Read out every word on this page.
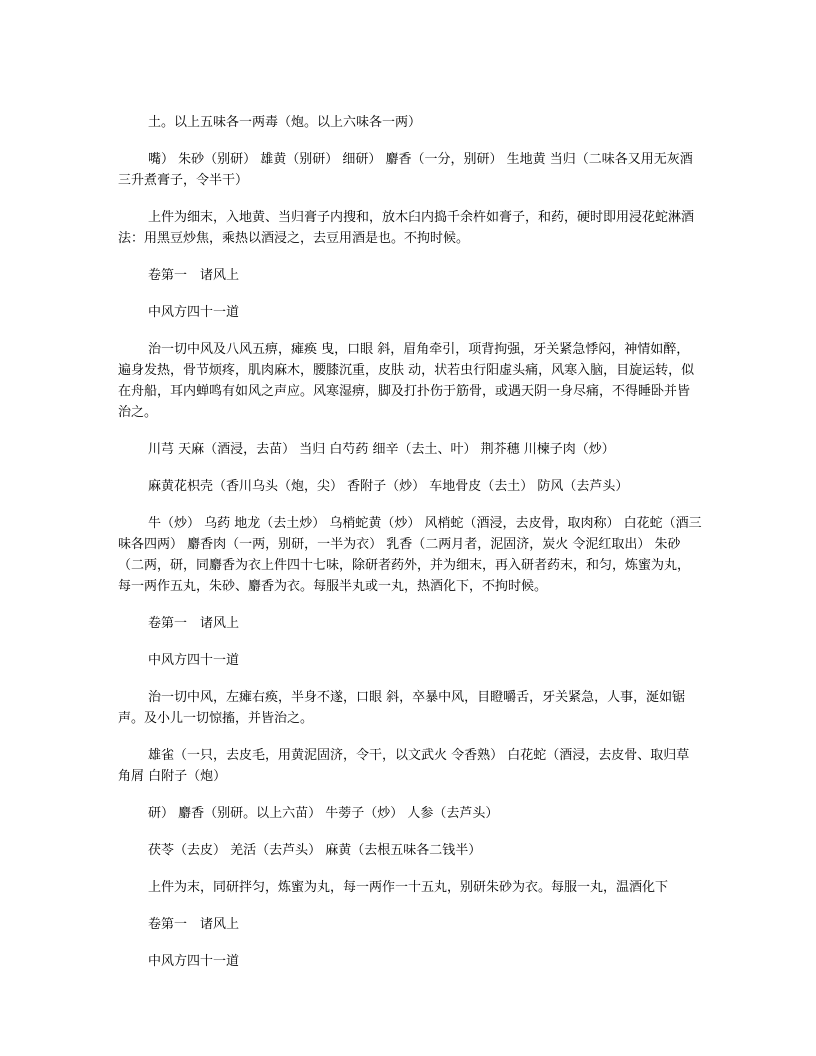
土。以上五味各一两毒（炮。以上六味各一两）

嘴） 朱砂（别研） 雄黄（别研） 细研） 麝香（一分，别研） 生地黄 当归（二味各又用无灰酒三升煮膏子，令半干）

上件为细末，入地黄、当归膏子内搜和，放木臼内捣千余杵如膏子，和药，硬时即用浸花蛇淋酒法：用黑豆炒焦，乘热以酒浸之，去豆用酒是也。不拘时候。

卷第一　诸风上

中风方四十一道

治一切中风及八风五痹，瘫痪 曳，口眼 斜，眉角牵引，项背拘强，牙关紧急悸闷，神情如醉，遍身发热，骨节烦疼，肌肉麻木，腰膝沉重，皮肤 动，状若虫行阳虚头痛，风寒入脑，目旋运转，似在舟船，耳内蝉鸣有如风之声应。风寒湿痹，脚及打扑伤于筋骨，或遇天阴一身尽痛，不得睡卧并皆治之。

川芎 天麻（酒浸，去苗） 当归 白芍药 细辛（去土、叶） 荆芥穗 川楝子肉（炒）

麻黄花枳壳（香川乌头（炮，尖） 香附子（炒） 车地骨皮（去土） 防风（去芦头）

牛（炒） 乌药 地龙（去土炒） 乌梢蛇黄（炒） 风梢蛇（酒浸，去皮骨，取肉称） 白花蛇（酒三味各四两） 麝香肉（一两，别研，一半为衣） 乳香（二两月者，泥固济，炭火 令泥红取出） 朱砂（二两，研，同麝香为衣上件四十七味，除研者药外，并为细末，再入研者药末，和匀，炼蜜为丸，每一两作五丸，朱砂、麝香为衣。每服半丸或一丸，热酒化下，不拘时候。

卷第一　诸风上

中风方四十一道

治一切中风，左瘫右痪，半身不遂，口眼 斜，卒暴中风，目瞪嚼舌，牙关紧急，人事，涎如锯声。及小儿一切惊搐，并皆治之。

雄雀（一只，去皮毛，用黄泥固济，令干，以文武火 令香熟） 白花蛇（酒浸，去皮骨、取归草角屑 白附子（炮）

研） 麝香（别研。以上六苗） 牛蒡子（炒） 人参（去芦头）

茯苓（去皮） 羌活（去芦头） 麻黄（去根五味各二钱半）

上件为末，同研拌匀，炼蜜为丸，每一两作一十五丸，别研朱砂为衣。每服一丸，温酒化下

卷第一　诸风上

中风方四十一道
